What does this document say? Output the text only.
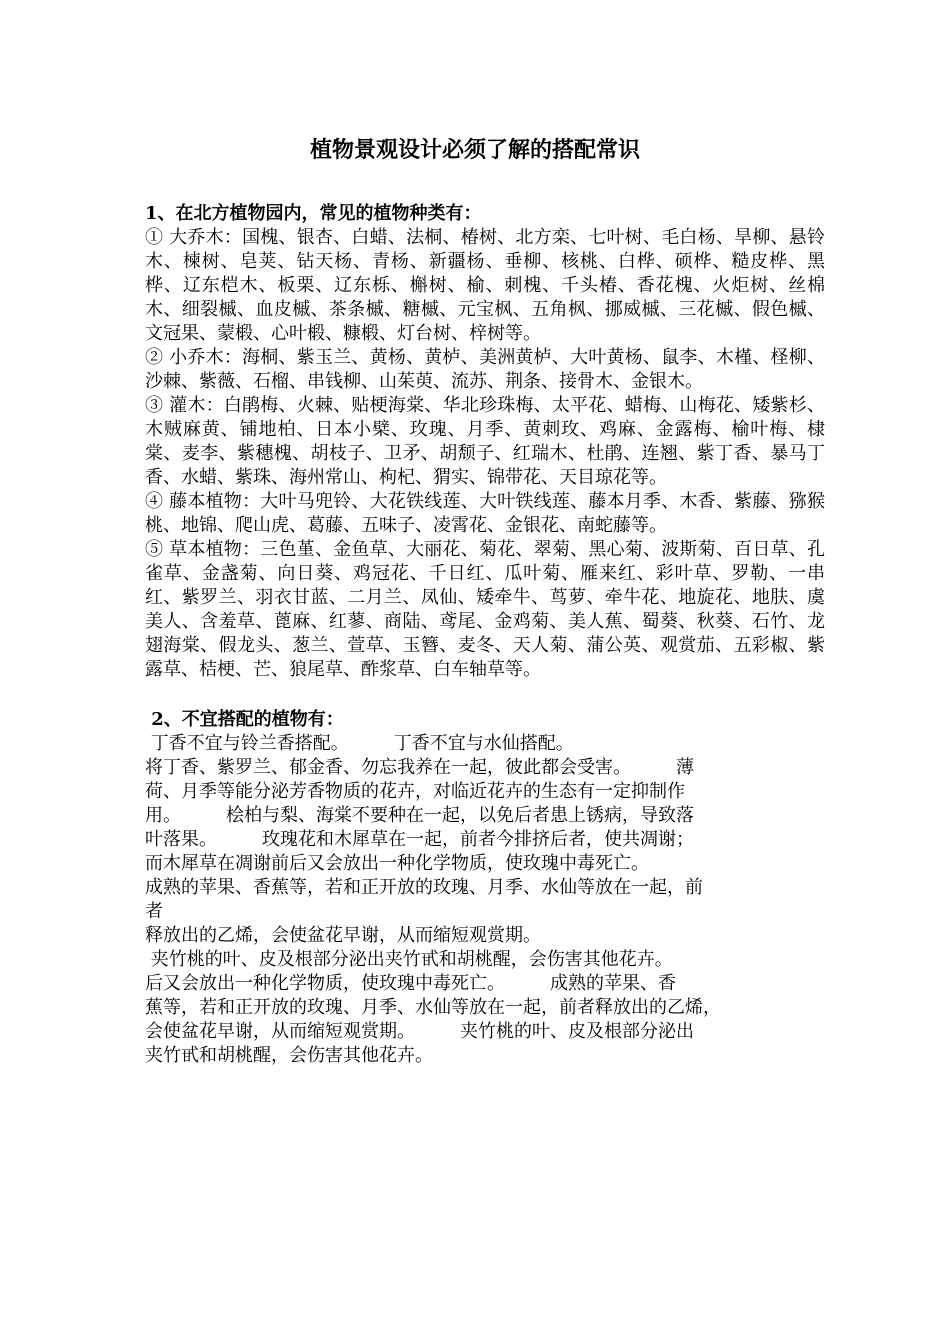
植物景观设计必须了解的搭配常识

1、在北方植物园内，常见的植物种类有：

① 大乔木：国槐、银杏、白蜡、法桐、椿树、北方栾、七叶树、毛白杨、旱柳、悬铃木、楝树、皂荚、钻天杨、青杨、新疆杨、垂柳、核桃、白桦、硕桦、糙皮桦、黑桦、辽东桤木、板栗、辽东栎、槲树、榆、刺槐、千头椿、香花槐、火炬树、丝棉木、细裂槭、血皮槭、茶条槭、糖槭、元宝枫、五角枫、挪威槭、三花槭、假色槭、文冠果、蒙椴、心叶椴、糠椴、灯台树、梓树等。

② 小乔木：海桐、紫玉兰、黄杨、黄栌、美洲黄栌、大叶黄杨、鼠李、木槿、柽柳、沙棘、紫薇、石榴、串钱柳、山茱萸、流苏、荆条、接骨木、金银木。

③ 灌木：白鹃梅、火棘、贴梗海棠、华北珍珠梅、太平花、蜡梅、山梅花、矮紫杉、木贼麻黄、铺地柏、日本小檗、玫瑰、月季、黄刺玫、鸡麻、金露梅、榆叶梅、棣棠、麦李、紫穗槐、胡枝子、卫矛、胡颓子、红瑞木、杜鹃、连翘、紫丁香、暴马丁香、水蜡、紫珠、海州常山、枸杞、猬实、锦带花、天目琼花等。

④ 藤本植物：大叶马兜铃、大花铁线莲、大叶铁线莲、藤本月季、木香、紫藤、猕猴桃、地锦、爬山虎、葛藤、五味子、凌霄花、金银花、南蛇藤等。

⑤ 草本植物：三色堇、金鱼草、大丽花、菊花、翠菊、黑心菊、波斯菊、百日草、孔雀草、金盏菊、向日葵、鸡冠花、千日红、瓜叶菊、雁来红、彩叶草、罗勒、一串红、紫罗兰、羽衣甘蓝、二月兰、凤仙、矮牵牛、茑萝、牵牛花、地旋花、地肤、虞美人、含羞草、蓖麻、红蓼、商陆、鸢尾、金鸡菊、美人蕉、蜀葵、秋葵、石竹、龙翅海棠、假龙头、葱兰、萱草、玉簪、麦冬、天人菊、蒲公英、观赏茄、五彩椒、紫露草、桔梗、芒、狼尾草、酢浆草、白车轴草等。

2、不宜搭配的植物有：

丁香不宜与铃兰香搭配。　　　丁香不宜与水仙搭配。

将丁香、紫罗兰、郁金香、勿忘我养在一起，彼此都会受害。　　　薄

荷、月季等能分泌芳香物质的花卉，对临近花卉的生态有一定抑制作

用。　　　桧柏与梨、海棠不要种在一起，以免后者患上锈病，导致落

叶落果。　　　玫瑰花和木犀草在一起，前者今排挤后者，使共凋谢；

而木犀草在凋谢前后又会放出一种化学物质，使玫瑰中毒死亡。

成熟的苹果、香蕉等，若和正开放的玫瑰、月季、水仙等放在一起，前

者

释放出的乙烯，会使盆花早谢，从而缩短观赏期。

夹竹桃的叶、皮及根部分泌出夹竹甙和胡桃醒，会伤害其他花卉。

后又会放出一种化学物质，使玫瑰中毒死亡。　　　成熟的苹果、香

蕉等，若和正开放的玫瑰、月季、水仙等放在一起，前者释放出的乙烯，

会使盆花早谢，从而缩短观赏期。　　　夹竹桃的叶、皮及根部分泌出

夹竹甙和胡桃醒，会伤害其他花卉。
